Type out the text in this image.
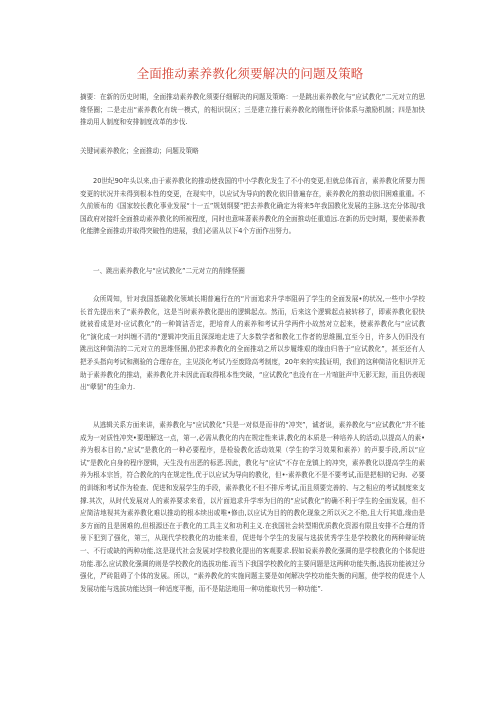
全面推动素养教化须要解决的问题及策略

摘要：在新的历史时期，全面推动素养教化须要仔细解决的问题及策略：一是跳出素养教化与“应试教化”二元对立的思维怪圈；二是走出“素养教化有统一模式，的相识误区；三是建立推行素养教化的刚性评价体系与激励机制；四是加快推动用人制度和安排制度改革的步伐.

关键词素养教化；全面推动；问题及策略

20世纪90年头以来,由于素养教化的推动使我国的中小学教化发生了不小的变更,但就总体而言，素养教化所要力图变更的状况并未得到根本性的变更，在现实中，以应试为导向的教化依旧普遍存在，素养教化的推动依旧困难重重。不久前颁布的《国家较长教化事业发展“十一五”规划纲要”把去养教化确定为将来5年我国教化发展的主脉.这充分体现/我国政府对接纤全面推动素养教化的所被程度，同时也意味著素养教化的全面推动任重道远.在新的历史时期，要使素养教化能脾全面推动并取得突破性的进展，我们必需从以下4个方面作出努力。

一、跳出素养教化与“应试教化”二元对立的削维怪圈

众所周知，针对我国基础教化领域长期普遍行在的“片面追求升学率阻码了学生的全面发展•的状况,一些中小学校长首先提出来了“素养教化，这是当时素养教化提出的逻辑起点。然而，后来这个逻辑起点被转移了，即素养教化很快就被看成是对-应试教化”的一种简洁否定，把培育人的素养和考试升学两件小故然对立起来，使素养教化与“应试教化”演化成一对纠缠不清的“逻辑冲突而且深深地走进了大多数学者和教化工作者的思维圈,宜至今日，许多人仍旧没有跳出这种简洁的二元对立的思维怪圈,仍把求养教化的全面推动之所以步履维艰的缘由归咎于“应试教化”，甚至还有人把矛头指向考试和测验的合理存在，主见淡化考试乃至废除高考制度，20年来的实践证明，我们的这种简洁化相识并无助于素养教化的推动，素养教化并未因此而取得根本性突破，“应试教化”也没有在一片喧脏声中无影无踪，而且仍表现出“孽韧”的生命力.

从逃辑关系方面来讲，素养教化与“应试教化”只是一对似是而非的“冲突”，诚者说，素养教化与“应试教化”并不能成为一对质性冲突•要理解这一点，第一,必需从教化的内在规定性来讲,教化的本质是一种培养人的活动,以提高人的素•养为根本目的,“应试”是教化的一种必要程序，是检验教化活动效果（学生的学习效果和素养）的声要手段,所以“应试”是教化自身的程序逻辑，天生没有出恶的标恶.因此，教化与“应试”不存在龙镇上的冲突，素养教化以提高学生的素养为根本宗旨，符合教化的内在规定性,优于以应试为导向的教化，但•-素养教化不是不要考试,而是把相l的记询、必要的训练和考试作为检查、促进和发展学生的手段，素养教化不但不排斥考试,而且须要完善的、与之相应的考试制度来支撑.其次，从时代发展对人的素养要求来看，以片面追求升学率为目的的“应试教化”的确不利于学生的全面发展，但不应简洁地视其为素养教化难以推动的根本续出或唯•修由,以应试为目的的教化现象之所以灭之不绝,且大行其道,缘由是多方面的且是困难的,但根源还在于教化的工具主义和功利主义.在我国社会转型期优质教化资源有限且安排不合理的背景下犯到了强化，第三，从现代学校教化的功能来看，促进每个学生的发展与选拔优秀学生是学校教化的两种辩证统一、不行或缺的两种功能,这是现代社会发展对学校教化提出的客观要求.假如说素养教化强调的是学校教化的个体促进功能.那么应试教化强调的则是学校教化的选拔功能.而当下我国学校教化的主要问题是这两种功能失衡,选拔功能被过分强化，严砖阻碍了个体的发展。所以，“素养教化的实施问题主要是如何解决学校功能失衡的问题，使学校的促进个人发展功能与选拔功能达到一种适度平衡，而不是陆法地用一种功能取代另一种功能”.
